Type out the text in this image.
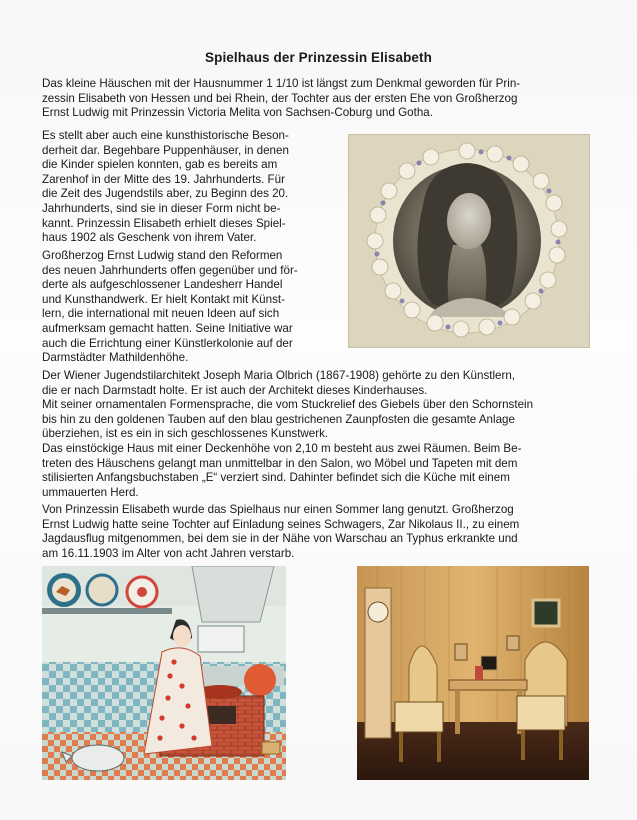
Spielhaus der Prinzessin Elisabeth

Das kleine Häuschen mit der Hausnummer 1 1/10 ist längst zum Denkmal geworden für Prin-
zessin Elisabeth von Hessen und bei Rhein, der Tochter aus der ersten Ehe von Großherzog
Ernst Ludwig mit Prinzessin Victoria Melita von Sachsen-Coburg und Gotha.

Es stellt aber auch eine kunsthistorische Beson-
derheit dar. Begehbare Puppenhäuser, in denen
die Kinder spielen konnten, gab es bereits am
Zarenhof in der Mitte des 19. Jahrhunderts. Für
die Zeit des Jugendstils aber, zu Beginn des 20.
Jahrhunderts, sind sie in dieser Form nicht be-
kannt. Prinzessin Elisabeth erhielt dieses Spiel-
haus 1902 als Geschenk von ihrem Vater.

Großherzog Ernst Ludwig stand den Reformen
des neuen Jahrhunderts offen gegenüber und för-
derte als aufgeschlossener Landesherr Handel
und Kunsthandwerk. Er hielt Kontakt mit Künst-
lern, die international mit neuen Ideen auf sich
aufmerksam gemacht hatten. Seine Initiative war
auch die Errichtung einer Künstlerkolonie auf der
Darmstädter Mathildenhöhe.

Der Wiener Jugendstilarchitekt Joseph Maria Olbrich (1867-1908) gehörte zu den Künstlern,
die er nach Darmstadt holte. Er ist auch der Architekt dieses Kinderhauses.
Mit seiner ornamentalen Formensprache, die vom Stuckrelief des Giebels über den Schornstein
bis hin zu den goldenen Tauben auf den blau gestrichenen Zaunpfosten die gesamte Anlage
überziehen, ist es ein in sich geschlossenes Kunstwerk.
Das einstöckige Haus mit einer Deckenhöhe von 2,10 m besteht aus zwei Räumen. Beim Be-
treten des Häuschens gelangt man unmittelbar in den Salon, wo Möbel und Tapeten mit dem
stilisierten Anfangsbuchstaben „E“ verziert sind. Dahinter befindet sich die Küche mit einem
ummauerten Herd.

Von Prinzessin Elisabeth wurde das Spielhaus nur einen Sommer lang genutzt. Großherzog
Ernst Ludwig hatte seine Tochter auf Einladung seines Schwagers, Zar Nikolaus II., zu einem
Jagdausflug mitgenommen, bei dem sie in der Nähe von Warschau an Typhus erkrankte und
am 16.11.1903 im Alter von acht Jahren verstarb.
